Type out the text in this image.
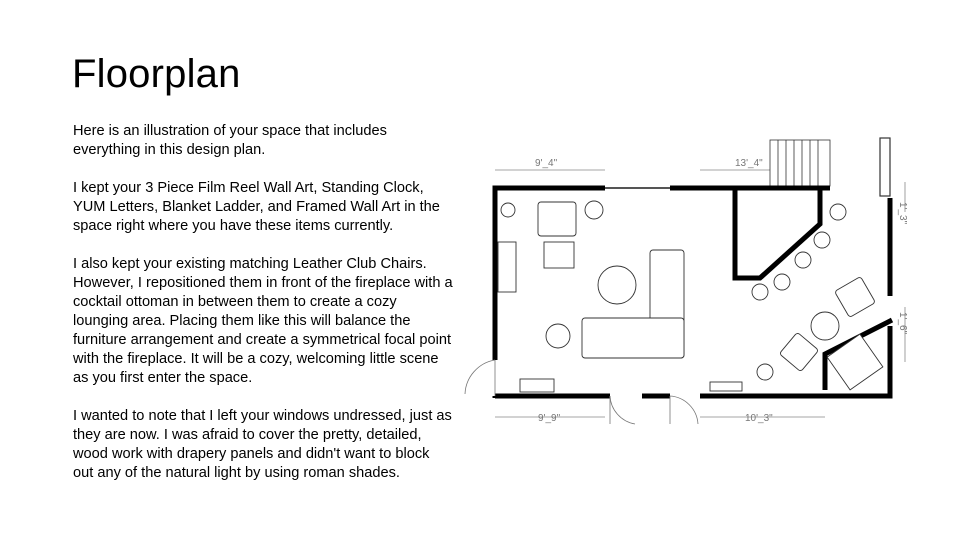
Floorplan

Here is an illustration of your space that includes everything in this design plan.

I kept your 3 Piece Film Reel Wall Art, Standing Clock, YUM Letters, Blanket Ladder, and Framed Wall Art in the space right where you have these items currently.

I also kept your existing matching Leather Club Chairs. However, I repositioned them in front of the fireplace with a cocktail ottoman in between them to create a cozy lounging area. Placing them like this will balance the furniture arrangement and create a symmetrical focal point with the fireplace. It will be a cozy, welcoming little scene as you first enter the space.

I wanted to note that I left your windows undressed, just as they are now. I was afraid to cover the pretty, detailed, wood work with drapery panels and didn't want to block out any of the natural light by using roman shades.

9'_4"	13'_4"
9'_9"	10'_3"
1'_3"
1'_6"
